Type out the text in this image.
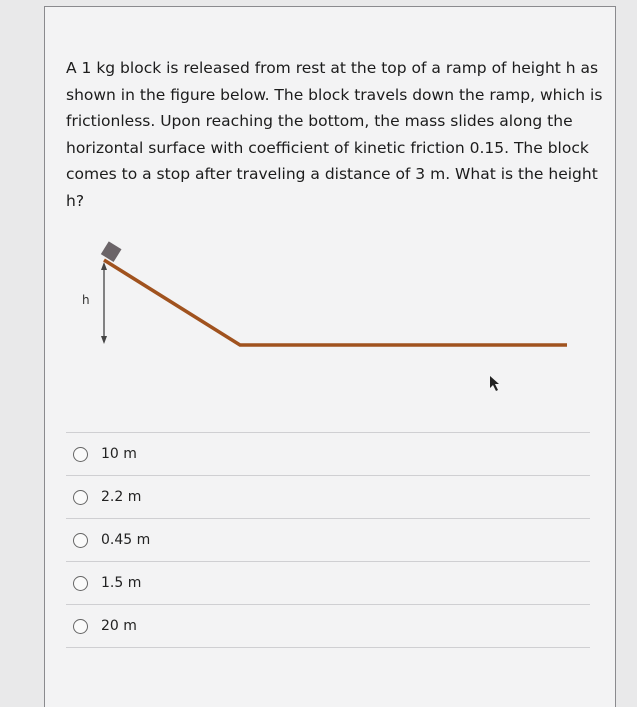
A 1 kg block is released from rest at the top of a ramp of height h as shown in the figure below. The block travels down the ramp, which is frictionless. Upon reaching the bottom, the mass slides along the horizontal surface with coefficient of kinetic friction 0.15. The block comes to a stop after traveling a distance of 3 m. What is the height h?
h
10 m
2.2 m
0.45 m
1.5 m
20 m
